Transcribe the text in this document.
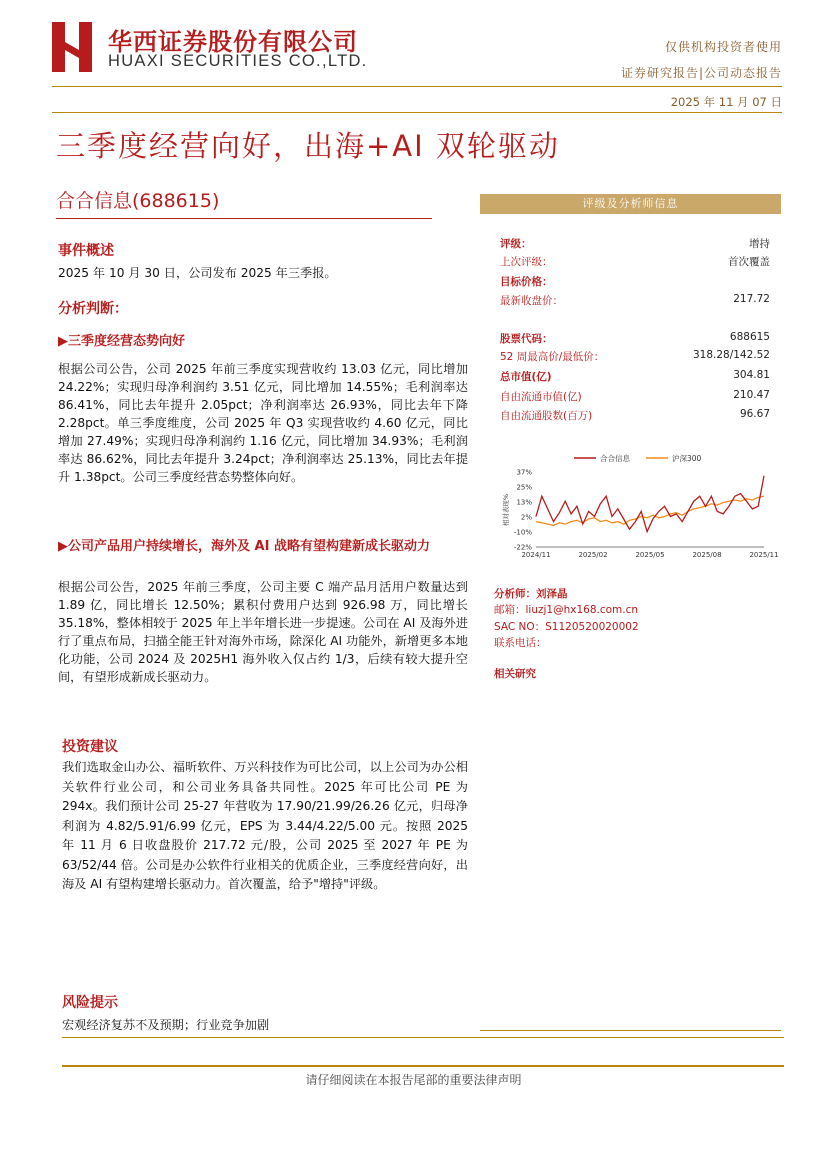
华西证券股份有限公司
HUAXI SECURITIES CO.,LTD.
仅供机构投资者使用
证券研究报告|公司动态报告
2025 年 11 月 07 日
三季度经营向好，出海+AI 双轮驱动
合合信息(688615)
事件概述
2025 年 10 月 30 日，公司发布 2025 年三季报。
分析判断：
▶三季度经营态势向好
根据公司公告，公司 2025 年前三季度实现营收约 13.03 亿元，同比增加 24.22%；实现归母净利润约 3.51 亿元，同比增加 14.55%；毛利润率达 86.41%，同比去年提升 2.05pct；净利润率达 26.93%，同比去年下降 2.28pct。单三季度维度，公司 2025 年 Q3 实现营收约 4.60 亿元，同比增加 27.49%；实现归母净利润约 1.16 亿元，同比增加 34.93%；毛利润率达 86.62%，同比去年提升 3.24pct；净利润率达 25.13%，同比去年提升 1.38pct。公司三季度经营态势整体向好。
▶公司产品用户持续增长，海外及 AI 战略有望构建新成长驱动力
根据公司公告，2025 年前三季度，公司主要 C 端产品月活用户数量达到 1.89 亿，同比增长 12.50%；累积付费用户达到 926.98 万，同比增长 35.18%，整体相较于 2025 年上半年增长进一步提速。公司在 AI 及海外进行了重点布局，扫描全能王针对海外市场，除深化 AI 功能外，新增更多本地化功能，公司 2024 及 2025H1 海外收入仅占约 1/3，后续有较大提升空间，有望形成新成长驱动力。
投资建议
我们选取金山办公、福昕软件、万兴科技作为可比公司，以上公司为办公相关软件行业公司，和公司业务具备共同性。2025 年可比公司 PE 为 294x。我们预计公司 25-27 年营收为 17.90/21.99/26.26 亿元，归母净利润为 4.82/5.91/6.99 亿元，EPS 为 3.44/4.22/5.00 元。按照 2025 年 11 月 6 日收盘股价 217.72 元/股，公司 2025 至 2027 年 PE 为 63/52/44 倍。公司是办公软件行业相关的优质企业，三季度经营向好，出海及 AI 有望构建增长驱动力。首次覆盖，给予"增持"评级。
风险提示
宏观经济复苏不及预期；行业竞争加剧
评级及分析师信息
评级：	增持
上次评级：	首次覆盖
目标价格：
最新收盘价：	217.72
股票代码：	688615
52 周最高价/最低价：	318.28/142.52
总市值(亿)	304.81
自由流通市值(亿)	210.47
自由流通股数(百万)	96.67
合合信息	沪深300
相对表现%
37%
25%
13%
2%
-10%
-22%
2024/11	2025/02	2025/05	2025/08	2025/11
分析师：刘泽晶
邮箱：liuzj1@hx168.com.cn
SAC NO：S1120520020002
联系电话：
相关研究
请仔细阅读在本报告尾部的重要法律声明
